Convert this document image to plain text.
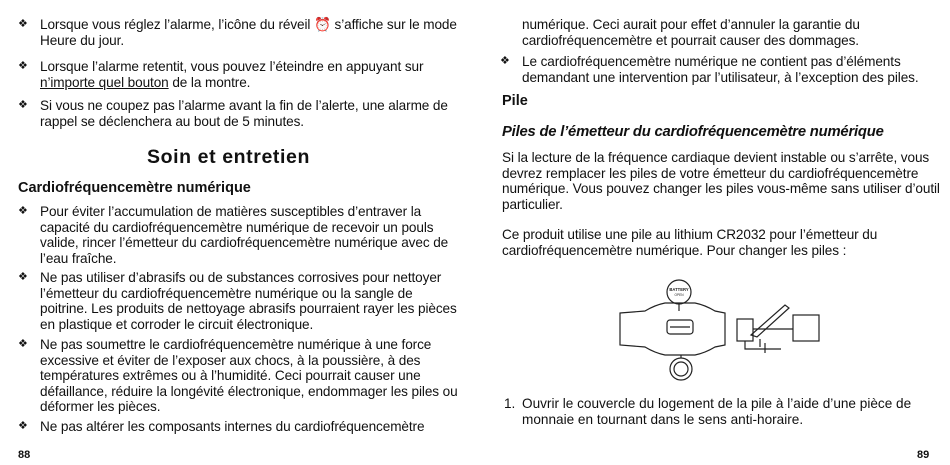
❖ Lorsque vous réglez l’alarme, l’icône du réveil ⏰ s’affiche sur le mode
Heure du jour.
❖ Lorsque l’alarme retentit, vous pouvez l’éteindre en appuyant sur
n’importe quel bouton de la montre.
❖ Si vous ne coupez pas l’alarme avant la fin de l’alerte, une alarme de
rappel se déclenchera au bout de 5 minutes.
Soin et entretien
Cardiofréquencemètre numérique
❖ Pour éviter l’accumulation de matières susceptibles d’entraver la
capacité du cardiofréquencemètre numérique de recevoir un pouls
valide, rincer l’émetteur du cardiofréquencemètre numérique avec de
l’eau fraîche.
❖ Ne pas utiliser d’abrasifs ou de substances corrosives pour nettoyer
l’émetteur du cardiofréquencemètre numérique ou la sangle de
poitrine. Les produits de nettoyage abrasifs pourraient rayer les pièces
en plastique et corroder le circuit électronique.
❖ Ne pas soumettre le cardiofréquencemètre numérique à une force
excessive et éviter de l’exposer aux chocs, à la poussière, à des
températures extrêmes ou à l’humidité. Ceci pourrait causer une
défaillance, réduire la longévité électronique, endommager les piles ou
déformer les pièces.
❖ Ne pas altérer les composants internes du cardiofréquencemètre
88
numérique. Ceci aurait pour effet d’annuler la garantie du
cardiofréquencemètre et pourrait causer des dommages.
❖ Le cardiofréquencemètre numérique ne contient pas d’éléments
demandant une intervention par l’utilisateur, à l’exception des piles.
Pile
Piles de l’émetteur du cardiofréquencemètre numérique
Si la lecture de la fréquence cardiaque devient instable ou s’arrête, vous
devrez remplacer les piles de votre émetteur du cardiofréquencemètre
numérique. Vous pouvez changer les piles vous-même sans utiliser d’outil
particulier.
Ce produit utilise une pile au lithium CR2032 pour l’émetteur du
cardiofréquencemètre numérique. Pour changer les piles :
BATTERY
OPEN
1. Ouvrir le couvercle du logement de la pile à l’aide d’une pièce de
monnaie en tournant dans le sens anti-horaire.
89
